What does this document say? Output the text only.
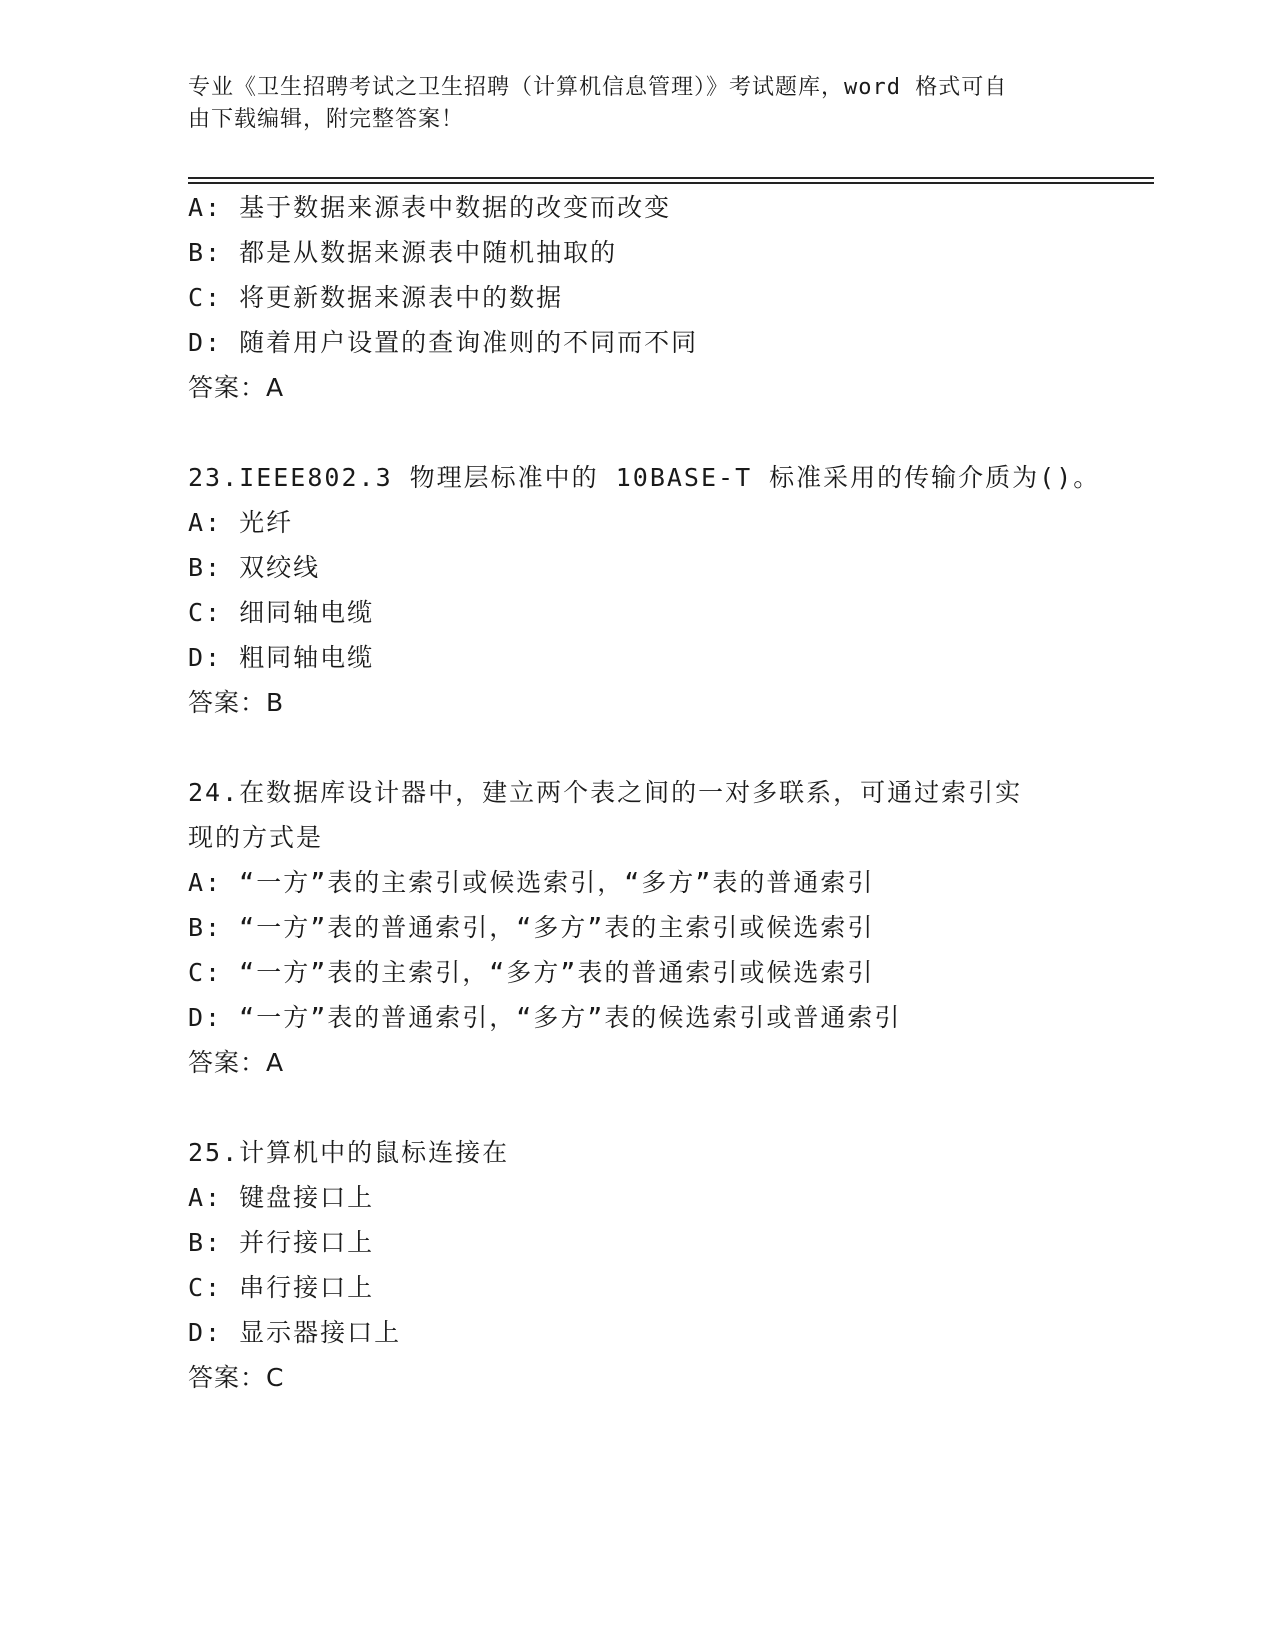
专业《卫生招聘考试之卫生招聘（计算机信息管理）》考试题库，word 格式可自
由下载编辑，附完整答案！
A: 基于数据来源表中数据的改变而改变
B: 都是从数据来源表中随机抽取的
C: 将更新数据来源表中的数据
D: 随着用户设置的查询准则的不同而不同
答案：A
23.IEEE802.3 物理层标准中的 10BASE-T 标准采用的传输介质为()。
A: 光纤
B: 双绞线
C: 细同轴电缆
D: 粗同轴电缆
答案：B
24.在数据库设计器中，建立两个表之间的一对多联系，可通过索引实
现的方式是
A: “一方”表的主索引或候选索引，“多方”表的普通索引
B: “一方”表的普通索引，“多方”表的主索引或候选索引
C: “一方”表的主索引，“多方”表的普通索引或候选索引
D: “一方”表的普通索引，“多方”表的候选索引或普通索引
答案：A
25.计算机中的鼠标连接在
A: 键盘接口上
B: 并行接口上
C: 串行接口上
D: 显示器接口上
答案：C
